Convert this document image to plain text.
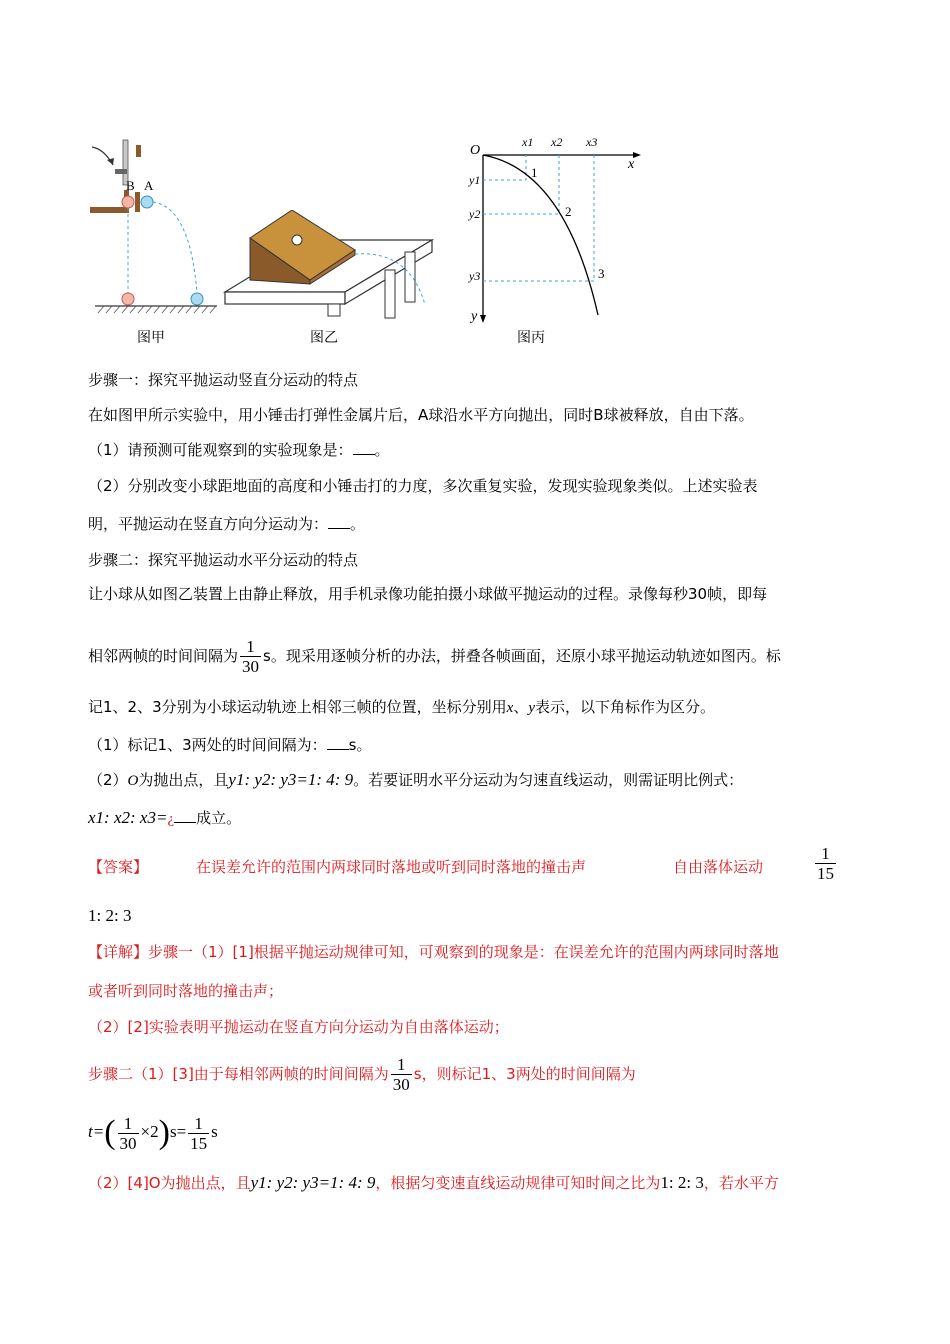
B A
图甲	图乙
O
x
y
x1 x2 x3
y1
y2
y3
1
2
3
图丙
步骤一：探究平抛运动竖直分运动的特点
在如图甲所示实验中，用小锤击打弹性金属片后，A球沿水平方向抛出，同时B球被释放，自由下落。
（1）请预测可能观察到的实验现象是： 。
（2）分别改变小球距地面的高度和小锤击打的力度，多次重复实验，发现实验现象类似。上述实验表
明，平抛运动在竖直方向分运动为： 。
步骤二：探究平抛运动水平分运动的特点
让小球从如图乙装置上由静止释放，用手机录像功能拍摄小球做平抛运动的过程。录像每秒30帧，即每
相邻两帧的时间间隔为 $\frac{1}{30}$ s。现采用逐帧分析的办法，拼叠各帧画面，还原小球平抛运动轨迹如图丙。标
记1、2、3分别为小球运动轨迹上相邻三帧的位置，坐标分别用x、y表示，以下角标作为区分。
（1）标记1、3两处的时间间隔为： s。
（2）O为抛出点，且y1: y2: y3=1: 4: 9。若要证明水平分运动为匀速直线运动，则需证明比例式：
x1: x2: x3=¿ 成立。
【答案】	在误差允许的范围内两球同时落地或听到同时落地的撞击声	自由落体运动	$\frac{1}{15}$
1: 2: 3
【详解】步骤一（1）[1]根据平抛运动规律可知，可观察到的现象是：在误差允许的范围内两球同时落地
或者听到同时落地的撞击声；
（2）[2]实验表明平抛运动在竖直方向分运动为自由落体运动；
步骤二（1）[3]由于每相邻两帧的时间间隔为 $\frac{1}{30}$ s，则标记1、3两处的时间间隔为
$t=( \frac{1}{30} \times 2)s= \frac{1}{15}$ s
（2）[4]O为抛出点，且y1: y2: y3=1: 4: 9，根据匀变速直线运动规律可知时间之比为1: 2: 3，若水平方
